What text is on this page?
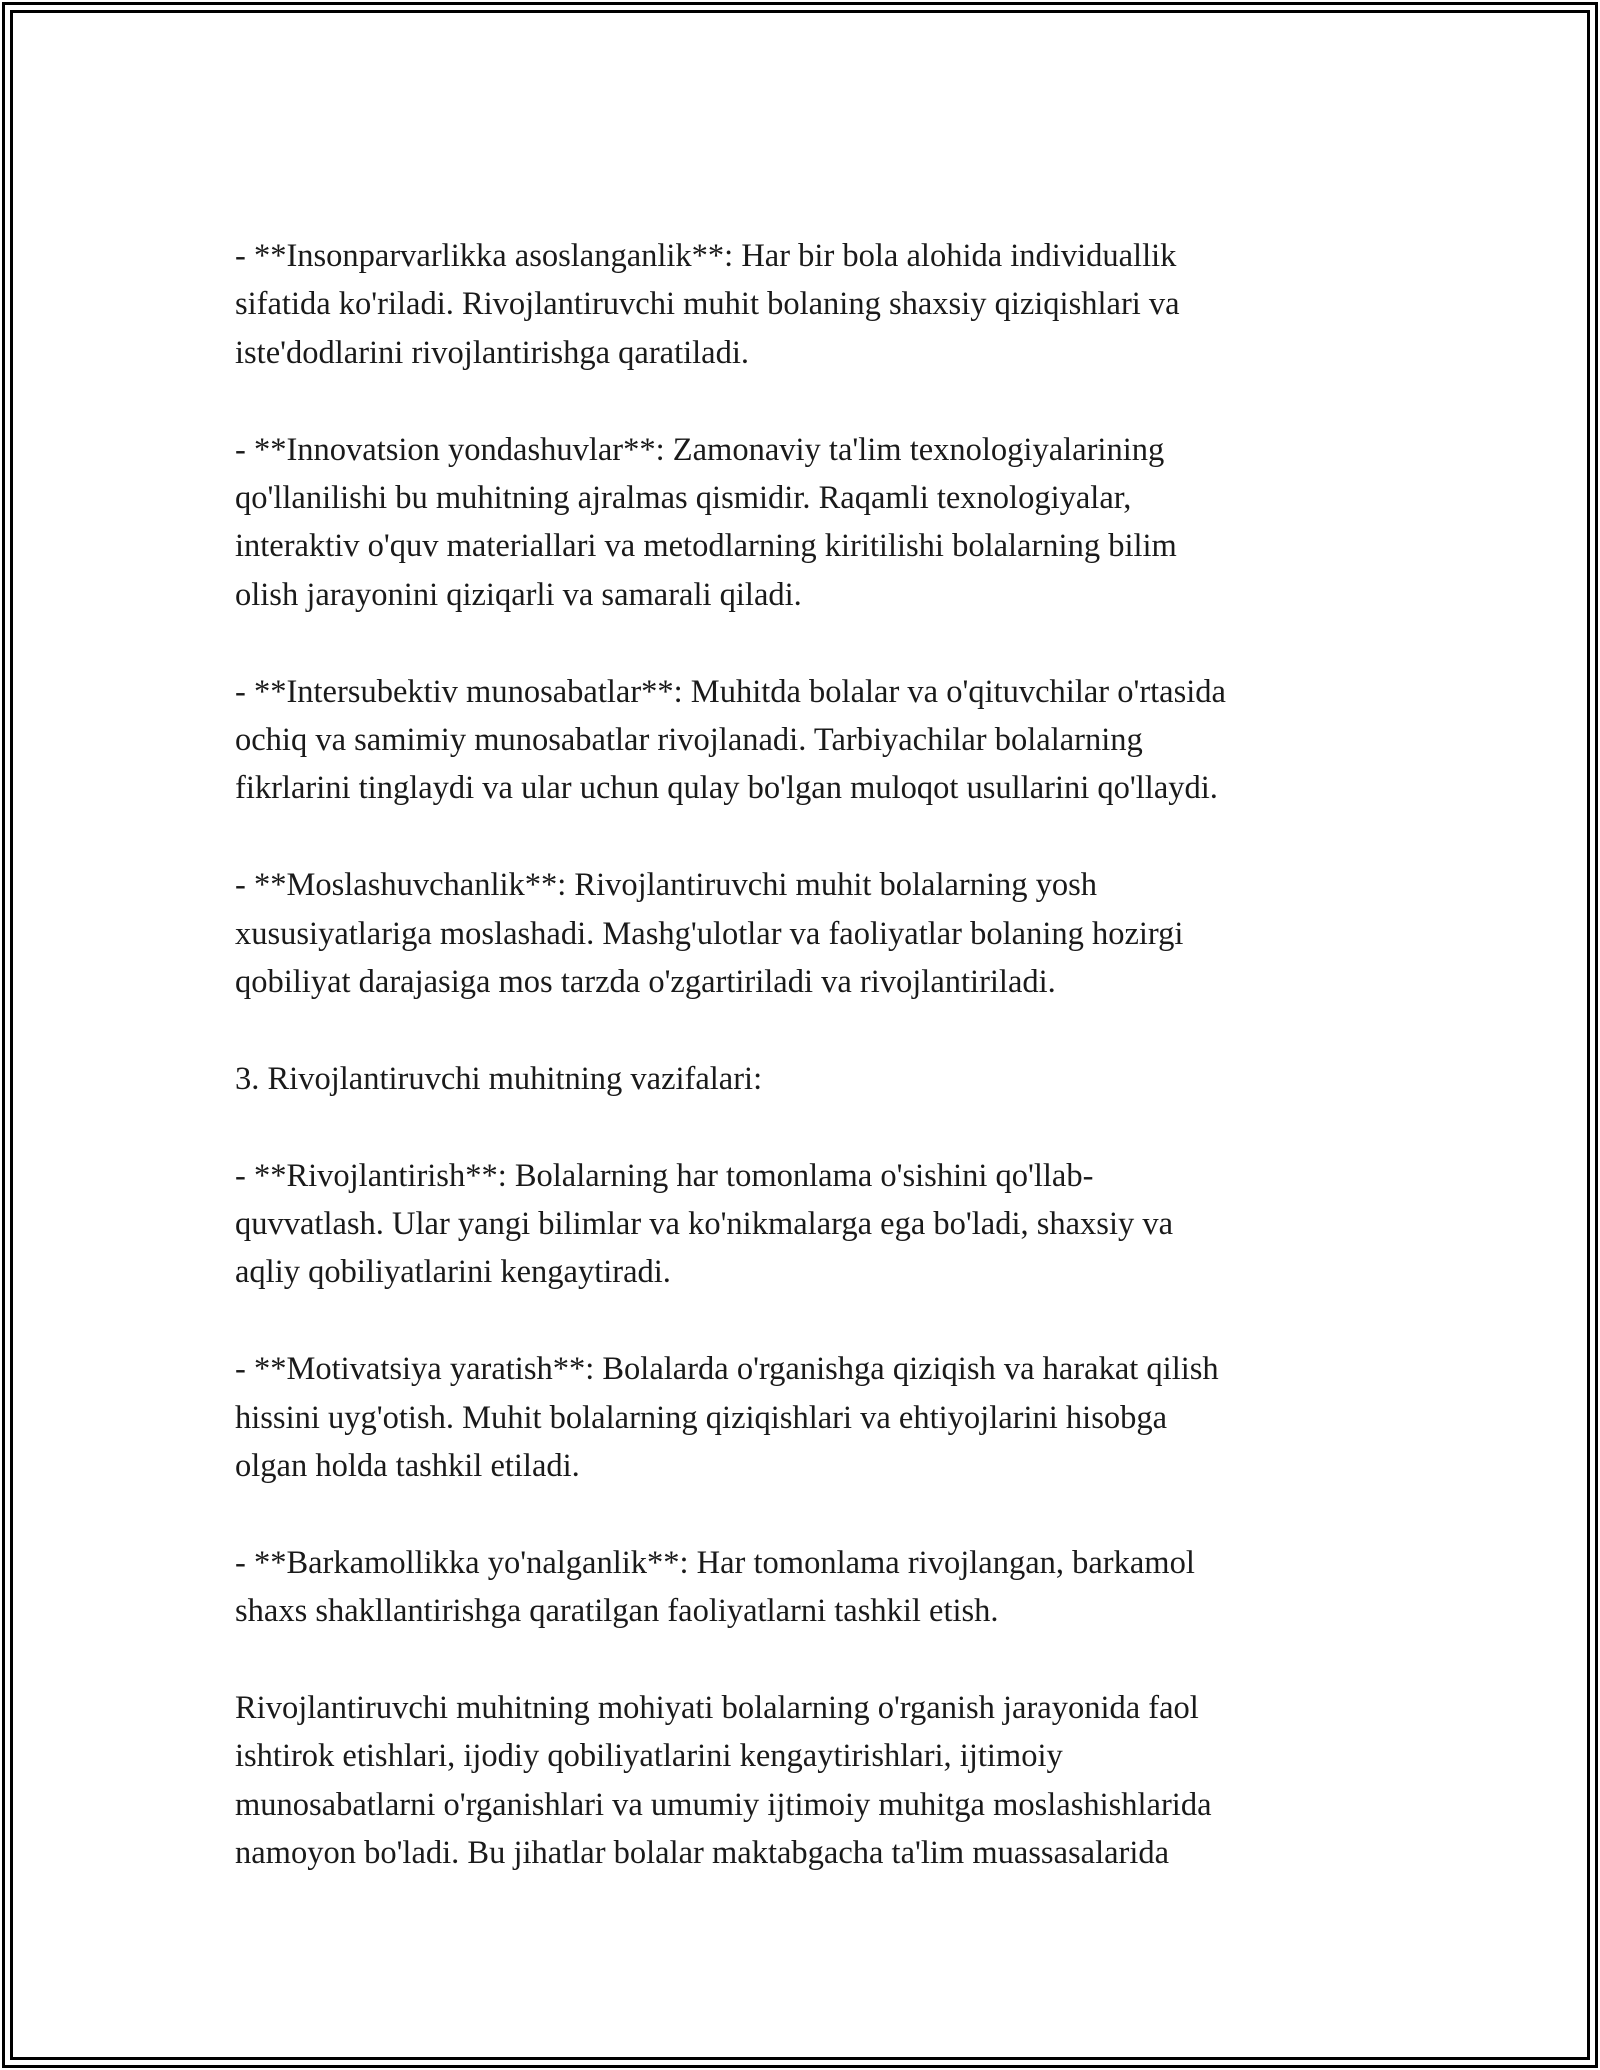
- **Insonparvarlikka asoslanganlik**: Har bir bola alohida individuallik
sifatida ko'riladi. Rivojlantiruvchi muhit bolaning shaxsiy qiziqishlari va
iste'dodlarini rivojlantirishga qaratiladi.

- **Innovatsion yondashuvlar**: Zamonaviy ta'lim texnologiyalarining
qo'llanilishi bu muhitning ajralmas qismidir. Raqamli texnologiyalar,
interaktiv o'quv materiallari va metodlarning kiritilishi bolalarning bilim
olish jarayonini qiziqarli va samarali qiladi.

- **Intersubektiv munosabatlar**: Muhitda bolalar va o'qituvchilar o'rtasida
ochiq va samimiy munosabatlar rivojlanadi. Tarbiyachilar bolalarning
fikrlarini tinglaydi va ular uchun qulay bo'lgan muloqot usullarini qo'llaydi.

- **Moslashuvchanlik**: Rivojlantiruvchi muhit bolalarning yosh
xususiyatlariga moslashadi. Mashg'ulotlar va faoliyatlar bolaning hozirgi
qobiliyat darajasiga mos tarzda o'zgartiriladi va rivojlantiriladi.

3. Rivojlantiruvchi muhitning vazifalari:

- **Rivojlantirish**: Bolalarning har tomonlama o'sishini qo'llab-
quvvatlash. Ular yangi bilimlar va ko'nikmalarga ega bo'ladi, shaxsiy va
aqliy qobiliyatlarini kengaytiradi.

- **Motivatsiya yaratish**: Bolalarda o'rganishga qiziqish va harakat qilish
hissini uyg'otish. Muhit bolalarning qiziqishlari va ehtiyojlarini hisobga
olgan holda tashkil etiladi.

- **Barkamollikka yo'nalganlik**: Har tomonlama rivojlangan, barkamol
shaxs shakllantirishga qaratilgan faoliyatlarni tashkil etish.

Rivojlantiruvchi muhitning mohiyati bolalarning o'rganish jarayonida faol
ishtirok etishlari, ijodiy qobiliyatlarini kengaytirishlari, ijtimoiy
munosabatlarni o'rganishlari va umumiy ijtimoiy muhitga moslashishlarida
namoyon bo'ladi. Bu jihatlar bolalar maktabgacha ta'lim muassasalarida
